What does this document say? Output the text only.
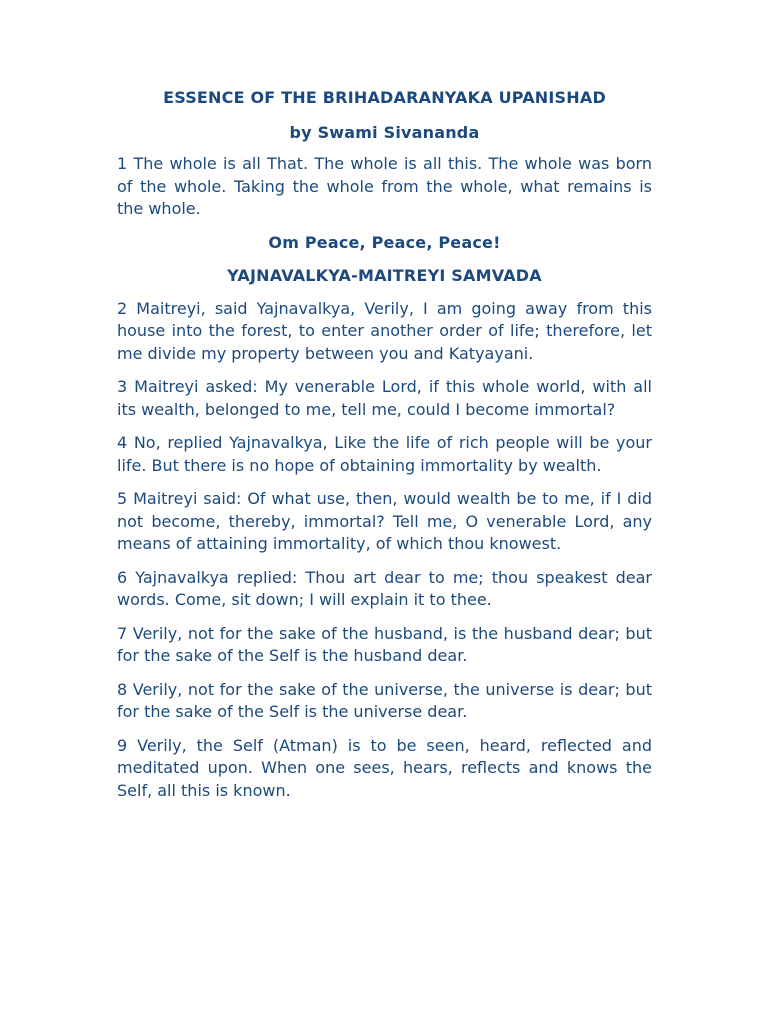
ESSENCE OF THE BRIHADARANYAKA UPANISHAD

by Swami Sivananda

1 The whole is all That. The whole is all this. The whole was born of the whole. Taking the whole from the whole, what remains is the whole.

Om Peace, Peace, Peace!

YAJNAVALKYA-MAITREYI SAMVADA

2 Maitreyi, said Yajnavalkya, Verily, I am going away from this house into the forest, to enter another order of life; therefore, let me divide my property between you and Katyayani.

3 Maitreyi asked: My venerable Lord, if this whole world, with all its wealth, belonged to me, tell me, could I become immortal?

4 No, replied Yajnavalkya, Like the life of rich people will be your life. But there is no hope of obtaining immortality by wealth.

5 Maitreyi said: Of what use, then, would wealth be to me, if I did not become, thereby, immortal? Tell me, O venerable Lord, any means of attaining immortality, of which thou knowest.

6 Yajnavalkya replied: Thou art dear to me; thou speakest dear words. Come, sit down; I will explain it to thee.

7 Verily, not for the sake of the husband, is the husband dear; but for the sake of the Self is the husband dear.

8 Verily, not for the sake of the universe, the universe is dear; but for the sake of the Self is the universe dear.

9 Verily, the Self (Atman) is to be seen, heard, reflected and meditated upon. When one sees, hears, reflects and knows the Self, all this is known.
